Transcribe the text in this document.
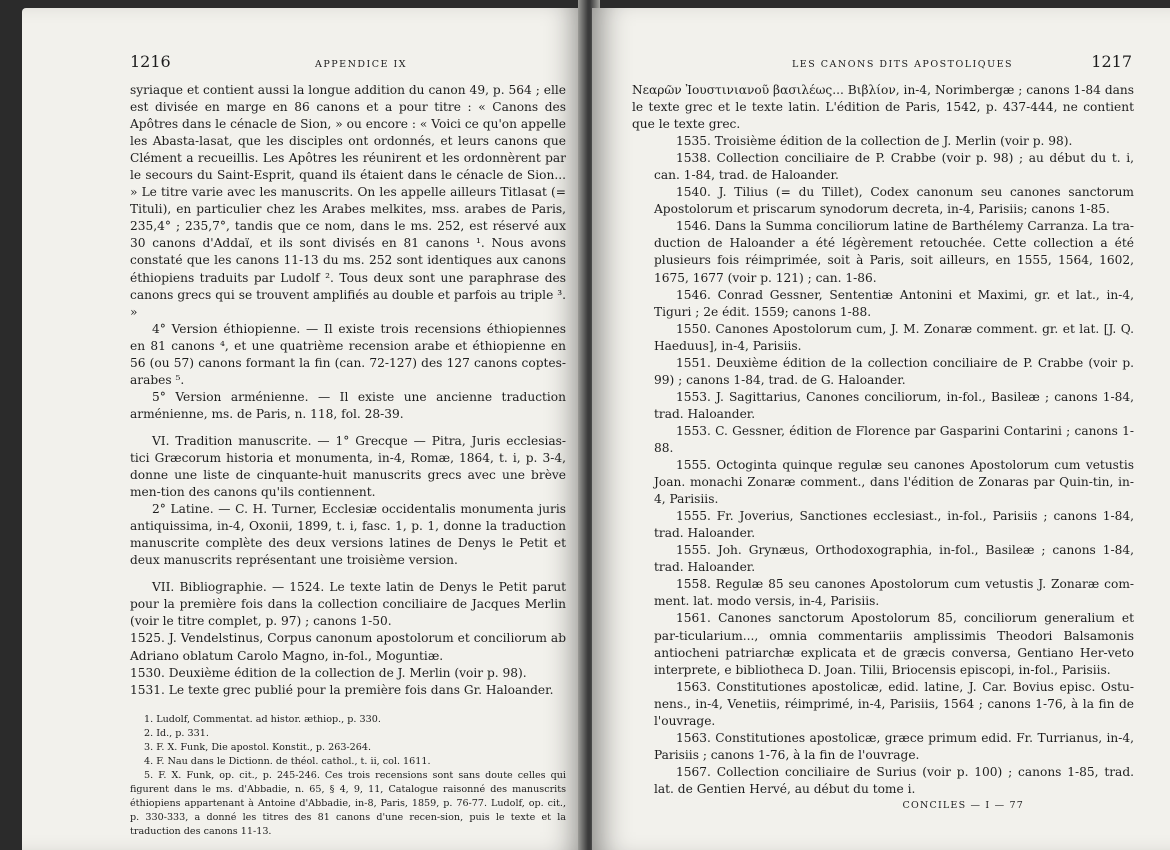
1216	APPENDICE IX

syriaque et contient aussi la longue addition du canon 49, p. 564 ; elle est divisée en marge en 86 canons et a pour titre : « Canons des Apôtres dans le cénacle de Sion, » ou encore : « Voici ce qu'on appelle les Abasta-lasat, que les disciples ont ordonnés, et leurs canons que Clément a recueillis. Les Apôtres les réunirent et les ordonnèrent par le secours du Saint-Esprit, quand ils étaient dans le cénacle de Sion... » Le titre varie avec les manuscrits. On les appelle ailleurs Titlasat (= Tituli), en particulier chez les Arabes melkites, mss. arabes de Paris, 235,4° ; 235,7°, tandis que ce nom, dans le ms. 252, est réservé aux 30 canons d'Addaï, et ils sont divisés en 81 canons ¹. Nous avons constaté que les canons 11-13 du ms. 252 sont identiques aux canons éthiopiens traduits par Ludolf ². Tous deux sont une paraphrase des canons grecs qui se trouvent amplifiés au double et parfois au triple ³. »

4° Version éthiopienne. — Il existe trois recensions éthiopiennes en 81 canons ⁴, et une quatrième recension arabe et éthiopienne en 56 (ou 57) canons formant la fin (can. 72-127) des 127 canons coptes-arabes ⁵.

5° Version arménienne. — Il existe une ancienne traduction arménienne, ms. de Paris, n. 118, fol. 28-39.

VI. Tradition manuscrite. — 1° Grecque — Pitra, Juris ecclesias-tici Græcorum historia et monumenta, in-4, Romæ, 1864, t. i, p. 3-4, donne une liste de cinquante-huit manuscrits grecs avec une brève men-tion des canons qu'ils contiennent.

2° Latine. — C. H. Turner, Ecclesiæ occidentalis monumenta juris antiquissima, in-4, Oxonii, 1899, t. i, fasc. 1, p. 1, donne la traduction manuscrite complète des deux versions latines de Denys le Petit et deux manuscrits représentant une troisième version.

VII. Bibliographie. — 1524. Le texte latin de Denys le Petit parut pour la première fois dans la collection conciliaire de Jacques Merlin (voir le titre complet, p. 97) ; canons 1-50.

1525. J. Vendelstinus, Corpus canonum apostolorum et conciliorum ab Adriano oblatum Carolo Magno, in-fol., Moguntiæ.

1530. Deuxième édition de la collection de J. Merlin (voir p. 98).

1531. Le texte grec publié pour la première fois dans Gr. Haloander.

1. Ludolf, Commentat. ad histor. æthiop., p. 330.

2. Id., p. 331.

3. F. X. Funk, Die apostol. Konstit., p. 263-264.

4. F. Nau dans le Dictionn. de théol. cathol., t. ii, col. 1611.

5. F. X. Funk, op. cit., p. 245-246. Ces trois recensions sont sans doute celles qui figurent dans le ms. d'Abbadie, n. 65, § 4, 9, 11, Catalogue raisonné des manuscrits éthiopiens appartenant à Antoine d'Abbadie, in-8, Paris, 1859, p. 76-77. Ludolf, op. cit., p. 330-333, a donné les titres des 81 canons d'une recen-sion, puis le texte et la traduction des canons 11-13.

LES CANONS DITS APOSTOLIQUES	1217

Νεαρῶν Ἰουστινιανοῦ βασιλέως... Βιβλίον, in-4, Norimbergæ ; canons 1-84 dans le texte grec et le texte latin. L'édition de Paris, 1542, p. 437-444, ne contient que le texte grec.

1535. Troisième édition de la collection de J. Merlin (voir p. 98).

1538. Collection conciliaire de P. Crabbe (voir p. 98) ; au début du t. i, can. 1-84, trad. de Haloander.

1540. J. Tilius (= du Tillet), Codex canonum seu canones sanctorum Apostolorum et priscarum synodorum decreta, in-4, Parisiis; canons 1-85.

1546. Dans la Summa conciliorum latine de Barthélemy Carranza. La tra-duction de Haloander a été légèrement retouchée. Cette collection a été plusieurs fois réimprimée, soit à Paris, soit ailleurs, en 1555, 1564, 1602, 1675, 1677 (voir p. 121) ; can. 1-86.

1546. Conrad Gessner, Sententiæ Antonini et Maximi, gr. et lat., in-4, Tiguri ; 2e édit. 1559; canons 1-88.

1550. Canones Apostolorum cum, J. M. Zonaræ comment. gr. et lat. [J. Q. Haeduus], in-4, Parisiis.

1551. Deuxième édition de la collection conciliaire de P. Crabbe (voir p. 99) ; canons 1-84, trad. de G. Haloander.

1553. J. Sagittarius, Canones conciliorum, in-fol., Basileæ ; canons 1-84, trad. Haloander.

1553. C. Gessner, édition de Florence par Gasparini Contarini ; canons 1-88.

1555. Octoginta quinque regulæ seu canones Apostolorum cum vetustis Joan. monachi Zonaræ comment., dans l'édition de Zonaras par Quin-tin, in-4, Parisiis.

1555. Fr. Joverius, Sanctiones ecclesiast., in-fol., Parisiis ; canons 1-84, trad. Haloander.

1555. Joh. Grynæus, Orthodoxographia, in-fol., Basileæ ; canons 1-84, trad. Haloander.

1558. Regulæ 85 seu canones Apostolorum cum vetustis J. Zonaræ com-ment. lat. modo versis, in-4, Parisiis.

1561. Canones sanctorum Apostolorum 85, conciliorum generalium et par-ticularium..., omnia commentariis amplissimis Theodori Balsamonis antiocheni patriarchæ explicata et de græcis conversa, Gentiano Her-veto interprete, e bibliotheca D. Joan. Tilii, Briocensis episcopi, in-fol., Parisiis.

1563. Constitutiones apostolicæ, edid. latine, J. Car. Bovius episc. Ostu-nens., in-4, Venetiis, réimprimé, in-4, Parisiis, 1564 ; canons 1-76, à la fin de l'ouvrage.

1563. Constitutiones apostolicæ, græce primum edid. Fr. Turrianus, in-4, Parisiis ; canons 1-76, à la fin de l'ouvrage.

1567. Collection conciliaire de Surius (voir p. 100) ; canons 1-85, trad. lat. de Gentien Hervé, au début du tome i.

CONCILES — I — 77
